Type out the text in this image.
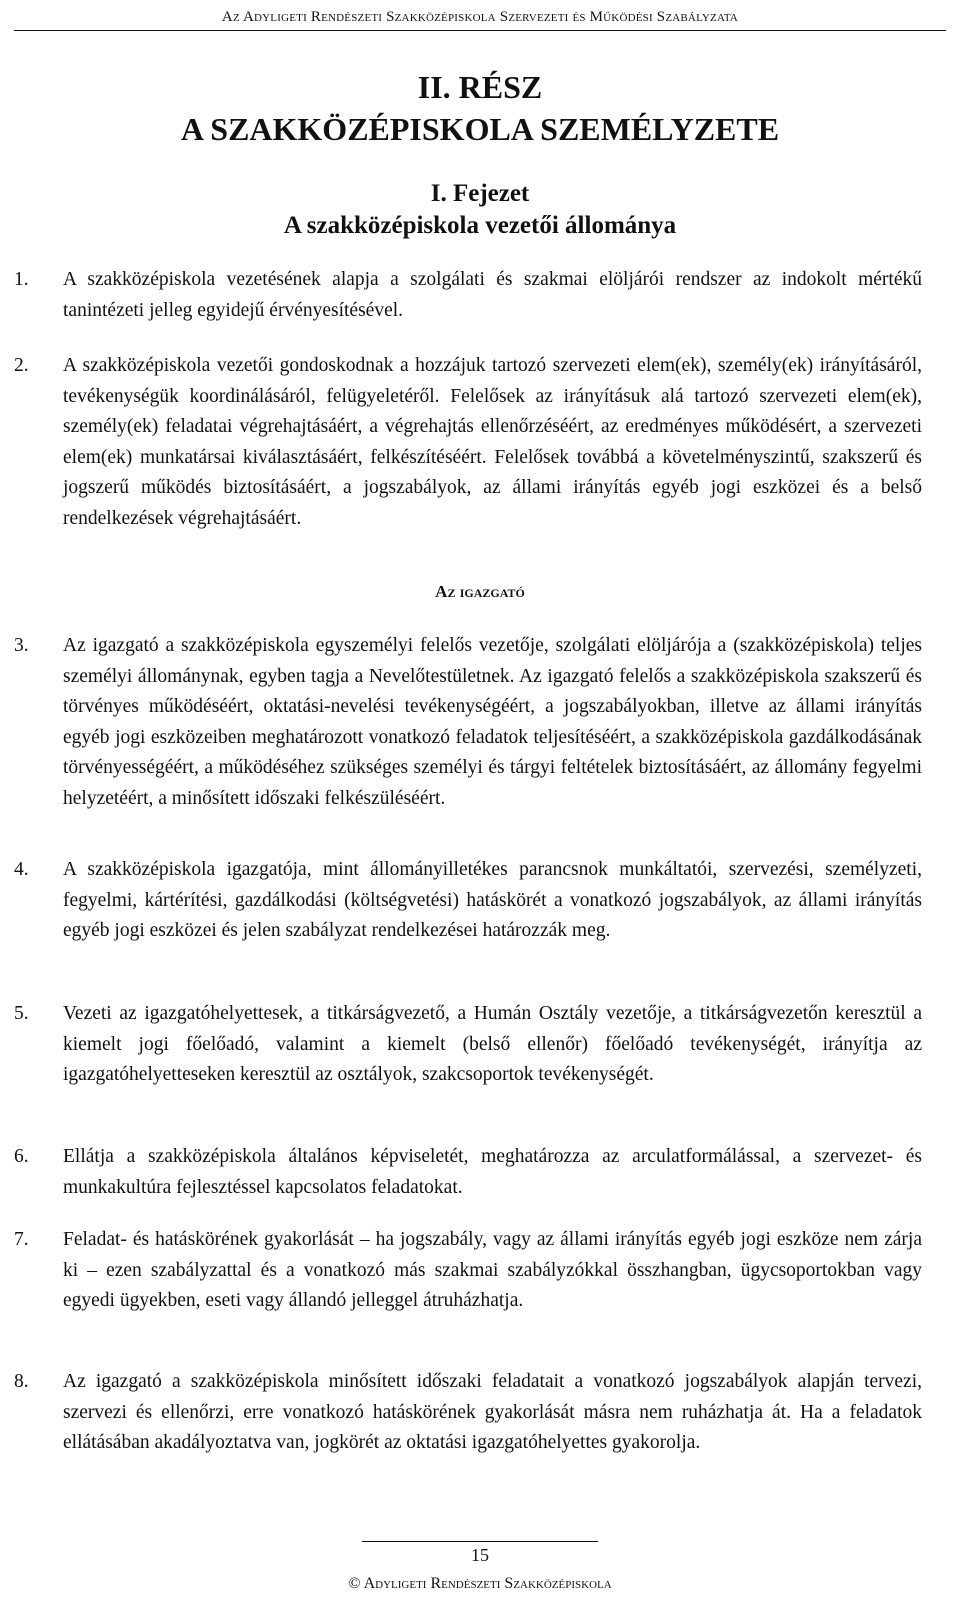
Az Adyligeti Rendészeti Szakközépiskola Szervezeti és Működési Szabályzata
II. RÉSZ
A SZAKKÖZÉPISKOLA SZEMÉLYZETE
I. Fejezet
A szakközépiskola vezetői állománya
1. A szakközépiskola vezetésének alapja a szolgálati és szakmai elöljárói rendszer az indokolt mértékű tanintézeti jelleg egyidejű érvényesítésével.
2. A szakközépiskola vezetői gondoskodnak a hozzájuk tartozó szervezeti elem(ek), személy(ek) irányításáról, tevékenységük koordinálásáról, felügyeletéről. Felelősek az irányításuk alá tartozó szervezeti elem(ek), személy(ek) feladatai végrehajtásáért, a végrehajtás ellenőrzéséért, az eredményes működésért, a szervezeti elem(ek) munkatársai kiválasztásáért, felkészítéséért. Felelősek továbbá a követelményszintű, szakszerű és jogszerű működés biztosításáért, a jogszabályok, az állami irányítás egyéb jogi eszközei és a belső rendelkezések végrehajtásáért.
Az igazgató
3. Az igazgató a szakközépiskola egyszemélyi felelős vezetője, szolgálati elöljárója a (szakközépiskola) teljes személyi állománynak, egyben tagja a Nevelőtestületnek. Az igazgató felelős a szakközépiskola szakszerű és törvényes működéséért, oktatási-nevelési tevékenységéért, a jogszabályokban, illetve az állami irányítás egyéb jogi eszközeiben meghatározott vonatkozó feladatok teljesítéséért, a szakközépiskola gazdálkodásának törvényességéért, a működéséhez szükséges személyi és tárgyi feltételek biztosításáért, az állomány fegyelmi helyzetéért, a minősített időszaki felkészüléséért.
4. A szakközépiskola igazgatója, mint állományilletékes parancsnok munkáltatói, szervezési, személyzeti, fegyelmi, kártérítési, gazdálkodási (költségvetési) hatáskörét a vonatkozó jogszabályok, az állami irányítás egyéb jogi eszközei és jelen szabályzat rendelkezései határozzák meg.
5. Vezeti az igazgatóhelyettesek, a titkárságvezető, a Humán Osztály vezetője, a titkárságvezetőn keresztül a kiemelt jogi főelőadó, valamint a kiemelt (belső ellenőr) főelőadó tevékenységét, irányítja az igazgatóhelyetteseken keresztül az osztályok, szakcsoportok tevékenységét.
6. Ellátja a szakközépiskola általános képviseletét, meghatározza az arculatformálással, a szervezet- és munkakultúra fejlesztéssel kapcsolatos feladatokat.
7. Feladat- és hatáskörének gyakorlását – ha jogszabály, vagy az állami irányítás egyéb jogi eszköze nem zárja ki – ezen szabályzattal és a vonatkozó más szakmai szabályzókkal összhangban, ügycsoportokban vagy egyedi ügyekben, eseti vagy állandó jelleggel átruházhatja.
8. Az igazgató a szakközépiskola minősített időszaki feladatait a vonatkozó jogszabályok alapján tervezi, szervezi és ellenőrzi, erre vonatkozó hatáskörének gyakorlását másra nem ruházhatja át. Ha a feladatok ellátásában akadályoztatva van, jogkörét az oktatási igazgatóhelyettes gyakorolja.
15
© Adyligeti Rendészeti Szakközépiskola
